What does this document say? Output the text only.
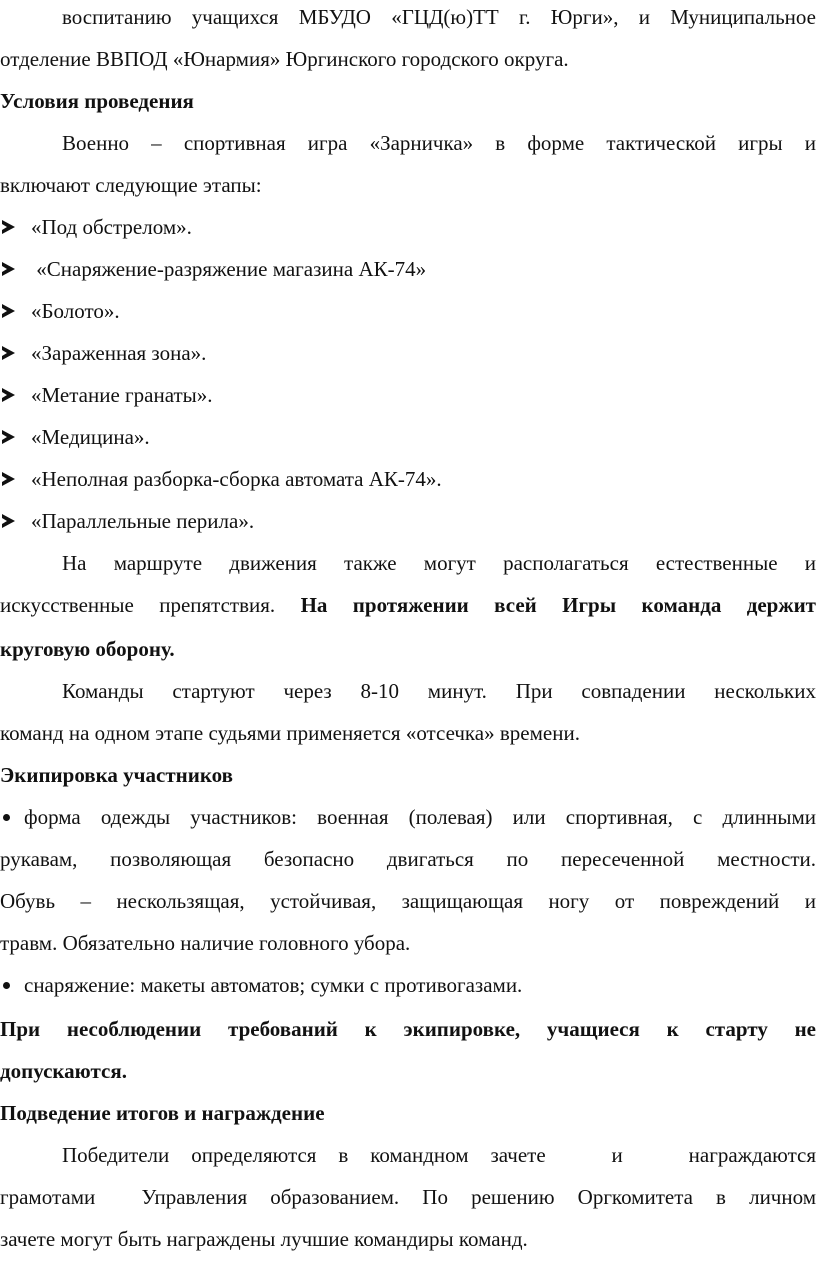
воспитанию учащихся МБУДО «ГЦД(ю)ТТ г. Юрги», и Муниципальное
отделение ВВПОД «Юнармия» Юргинского городского округа.
Условия проведения
Военно – спортивная игра «Зарничка» в форме тактической игры и
включают следующие этапы:
«Под обстрелом».
«Снаряжение-разряжение магазина АК-74»
«Болото».
«Зараженная зона».
«Метание гранаты».
«Медицина».
«Неполная разборка-сборка автомата АК-74».
«Параллельные перила».
На маршруте движения также могут располагаться естественные и
искусственные препятствия. На протяжении всей Игры команда держит
круговую оборону.
Команды стартуют через 8-10 минут. При совпадении нескольких
команд на одном этапе судьями применяется «отсечка» времени.
Экипировка участников
форма одежды участников: военная (полевая) или спортивная, с длинными
рукавам, позволяющая безопасно двигаться по пересеченной местности.
Обувь – нескользящая, устойчивая, защищающая ногу от повреждений и
травм. Обязательно наличие головного убора.
снаряжение: макеты автоматов; сумки с противогазами.
При несоблюдении требований к экипировке, учащиеся к старту не
допускаются.
Подведение итогов и награждение
Победители определяются в командном зачете   и   награждаются
грамотами  Управления образованием. По решению Оргкомитета в личном
зачете могут быть награждены лучшие командиры команд.
